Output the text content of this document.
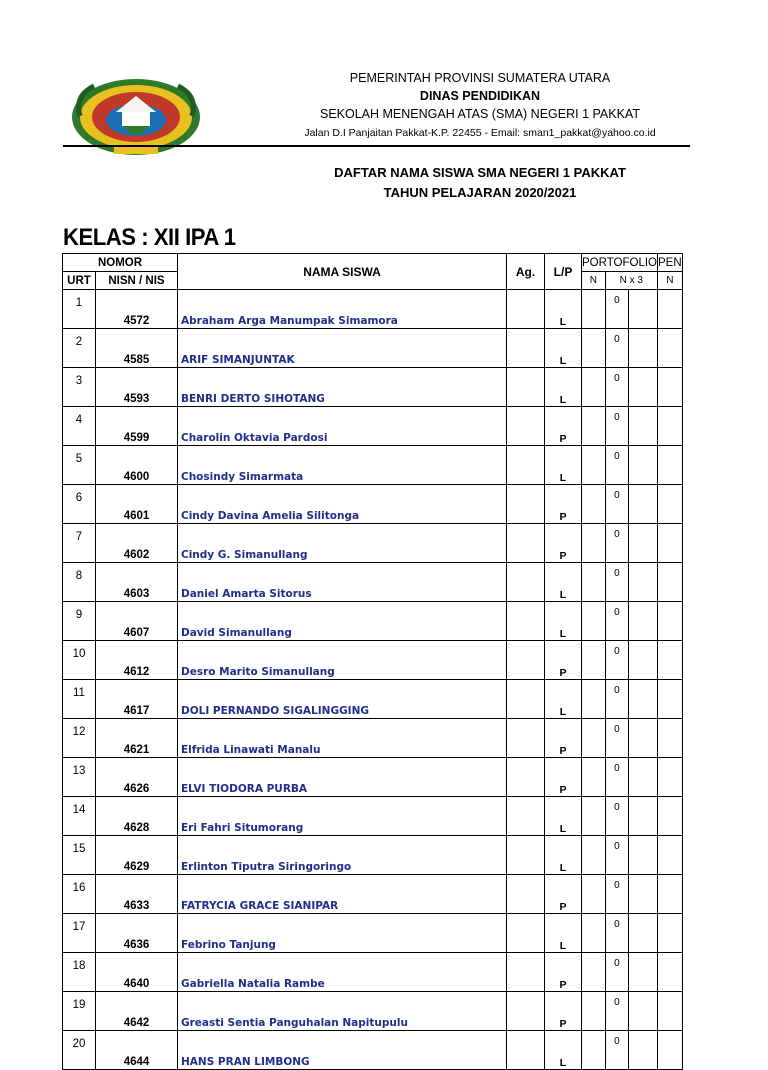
PEMERINTAH PROVINSI SUMATERA UTARA
DINAS PENDIDIKAN
SEKOLAH MENENGAH ATAS (SMA) NEGERI 1 PAKKAT
Jalan D.I Panjaitan Pakkat-K.P. 22455 - Email: sman1_pakkat@yahoo.co.id
DAFTAR NAMA SISWA SMA NEGERI 1 PAKKAT
TAHUN PELAJARAN 2020/2021
KELAS : XII IPA 1
NOMOR		NAMA SISWA	Ag.	L/P	PORTOFOLIO			PEN
URT	NISN / NIS				N	N x 3		N
1	4572	Abraham Arga Manumpak Simamora		L		0		
2	4585	ARIF SIMANJUNTAK		L		0		
3	4593	BENRI DERTO SIHOTANG		L		0		
4	4599	Charolin Oktavia Pardosi		P		0		
5	4600	Chosindy Simarmata		L		0		
6	4601	Cindy Davina Amelia Silitonga		P		0		
7	4602	Cindy G. Simanullang		P		0		
8	4603	Daniel Amarta Sitorus		L		0		
9	4607	David Simanullang		L		0		
10	4612	Desro Marito Simanullang		P		0		
11	4617	DOLI PERNANDO SIGALINGGING		L		0		
12	4621	Elfrida Linawati Manalu		P		0		
13	4626	ELVI TIODORA PURBA		P		0		
14	4628	Eri Fahri Situmorang		L		0		
15	4629	Erlinton Tiputra Siringoringo		L		0		
16	4633	FATRYCIA GRACE SIANIPAR		P		0		
17	4636	Febrino Tanjung		L		0		
18	4640	Gabriella Natalia Rambe		P		0		
19	4642	Greasti Sentia Panguhalan Napitupulu		P		0		
20	4644	HANS PRAN LIMBONG		L		0		
